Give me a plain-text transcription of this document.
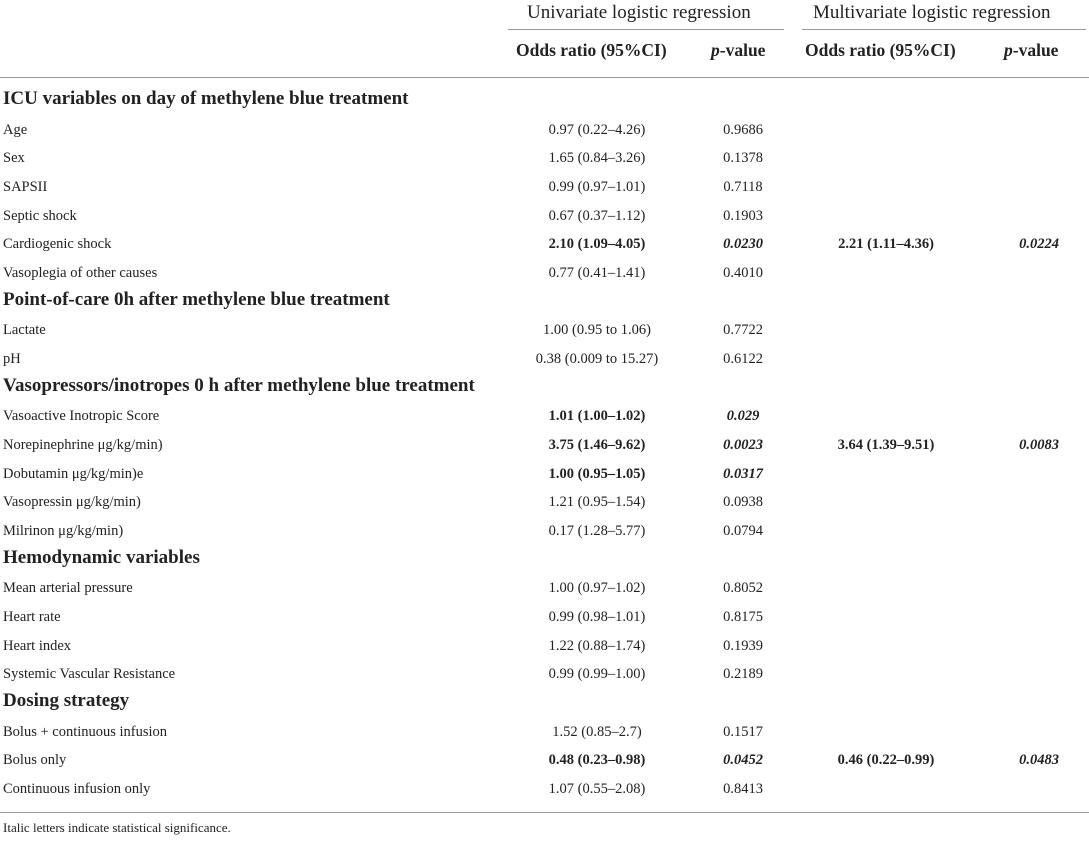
Univariate logistic regression	Multivariate logistic regression
Odds ratio (95%CI)	p-value Odds ratio (95%CI)	p-value
ICU variables on day of methylene blue treatment
Age	0.97 (0.22–4.26)	0.9686
Sex	1.65 (0.84–3.26)	0.1378
SAPSII	0.99 (0.97–1.01)	0.7118
Septic shock	0.67 (0.37–1.12)	0.1903
Cardiogenic shock	2.10 (1.09–4.05)	0.0230	2.21 (1.11–4.36)	0.0224
Vasoplegia of other causes	0.77 (0.41–1.41)	0.4010
Point-of-care 0h after methylene blue treatment
Lactate	1.00 (0.95 to 1.06)	0.7722
pH	0.38 (0.009 to 15.27)	0.6122
Vasopressors/inotropes 0 h after methylene blue treatment
Vasoactive Inotropic Score	1.01 (1.00–1.02)	0.029
Norepinephrine μg/kg/min)	3.75 (1.46–9.62)	0.0023	3.64 (1.39–9.51)	0.0083
Dobutamin μg/kg/min)e	1.00 (0.95–1.05)	0.0317
Vasopressin μg/kg/min)	1.21 (0.95–1.54)	0.0938
Milrinon μg/kg/min)	0.17 (1.28–5.77)	0.0794
Hemodynamic variables
Mean arterial pressure	1.00 (0.97–1.02)	0.8052
Heart rate	0.99 (0.98–1.01)	0.8175
Heart index	1.22 (0.88–1.74)	0.1939
Systemic Vascular Resistance	0.99 (0.99–1.00)	0.2189
Dosing strategy
Bolus + continuous infusion	1.52 (0.85–2.7)	0.1517
Bolus only	0.48 (0.23–0.98)	0.0452	0.46 (0.22–0.99)	0.0483
Continuous infusion only	1.07 (0.55–2.08)	0.8413
Italic letters indicate statistical significance.
